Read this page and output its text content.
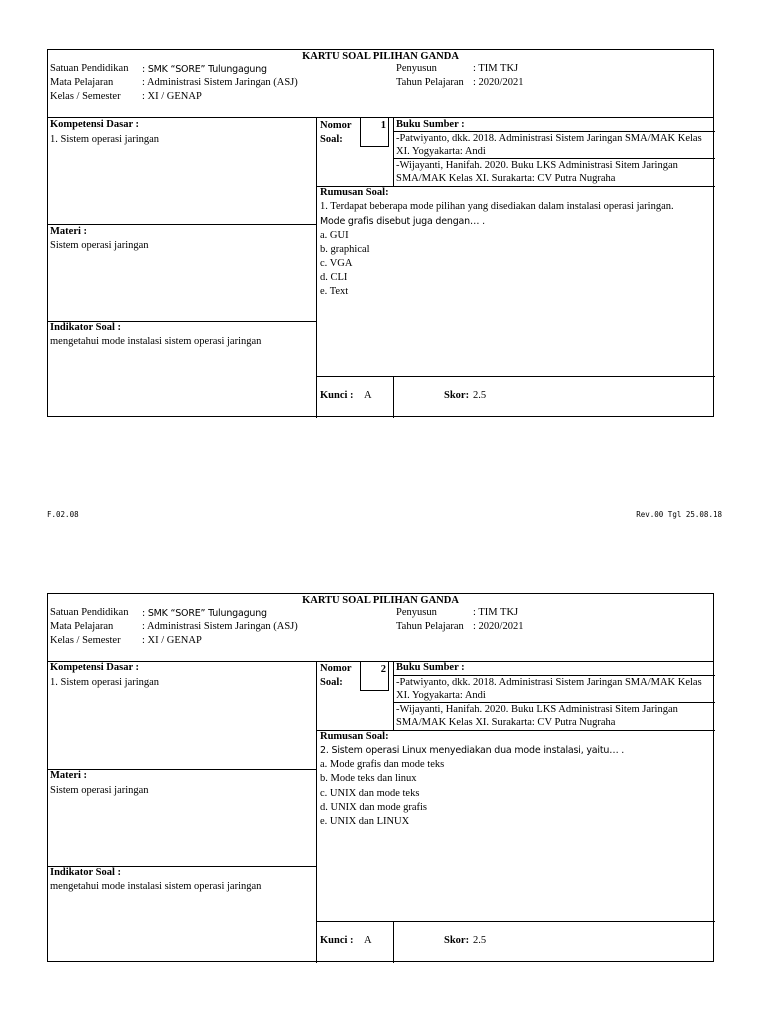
KARTU SOAL PILIHAN GANDA
Satuan Pendidikan : SMK “SORE” Tulungagung
Mata Pelajaran	: Administrasi Sistem Jaringan (ASJ)
Kelas / Semester : XI / GENAP
Penyusun	: TIM TKJ
Tahun Pelajaran : 2020/2021
Kompetensi Dasar :
1. Sistem operasi jaringan
Materi :
Sistem operasi jaringan
Indikator Soal :
mengetahui mode instalasi sistem operasi jaringan
Nomor
Soal:
1 Buku Sumber :
-Patwiyanto, dkk. 2018. Administrasi Sistem Jaringan SMA/MAK Kelas XI. Yogyakarta: Andi
-Wijayanti, Hanifah. 2020. Buku LKS Administrasi Sitem Jaringan SMA/MAK Kelas XI. Surakarta: CV Putra Nugraha
Rumusan Soal:
1. Terdapat beberapa mode pilihan yang disediakan dalam instalasi operasi jaringan.
Mode grafis disebut juga dengan… .
a. GUI
b. graphical
c. VGA
d. CLI
e. Text
Kunci : A	Skor: 2.5
F.02.08	Rev.00 Tgl 25.08.18
KARTU SOAL PILIHAN GANDA
Satuan Pendidikan : SMK “SORE” Tulungagung
Mata Pelajaran	: Administrasi Sistem Jaringan (ASJ)
Kelas / Semester : XI / GENAP
Penyusun	: TIM TKJ
Tahun Pelajaran : 2020/2021
Kompetensi Dasar :
1. Sistem operasi jaringan
Materi :
Sistem operasi jaringan
Indikator Soal :
mengetahui mode instalasi sistem operasi jaringan
Nomor
Soal:
2 Buku Sumber :
-Patwiyanto, dkk. 2018. Administrasi Sistem Jaringan SMA/MAK Kelas XI. Yogyakarta: Andi
-Wijayanti, Hanifah. 2020. Buku LKS Administrasi Sitem Jaringan SMA/MAK Kelas XI. Surakarta: CV Putra Nugraha
Rumusan Soal:
2. Sistem operasi Linux menyediakan dua mode instalasi, yaitu… .
a. Mode grafis dan mode teks
b. Mode teks dan linux
c. UNIX dan mode teks
d. UNIX dan mode grafis
e. UNIX dan LINUX
Kunci : A	Skor: 2.5
